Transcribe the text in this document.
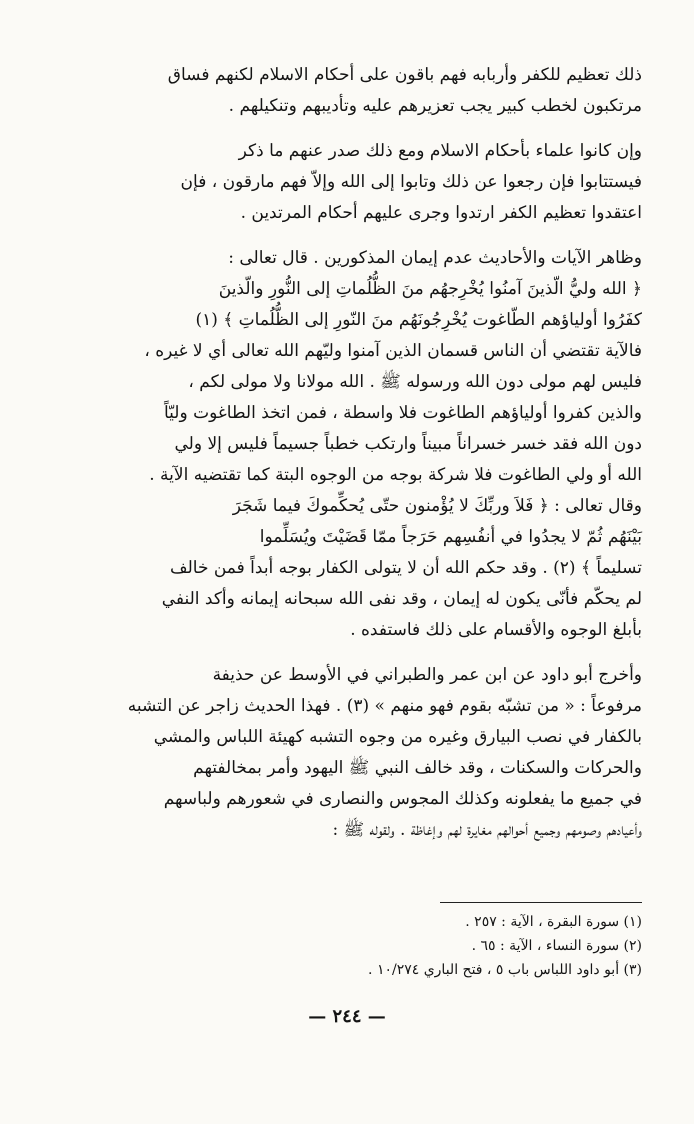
ذلك تعظيم للكفر وأربابه فهم باقون على أحكام الاسلام لكنهم فساق

مرتكبون لخطب كبير يجب تعزيرهم عليه وتأديبهم وتنكيلهم .

وإن كانوا علماء بأحكام الاسلام ومع ذلك صدر عنهم ما ذكر

فيستتابوا فإن رجعوا عن ذلك وتابوا إلى الله وإلاّ فهم مارقون ، فإن

اعتقدوا تعظيم الكفر ارتدوا وجرى عليهم أحكام المرتدين .

وظاهر الآيات والأحاديث عدم إيمان المذكورين . قال تعالى :

﴿ الله وليُّ الّذينَ آمنُوا يُخْرِجهُم منَ الظُّلُماتِ إلى النُّورِ والّذينَ

كفَرُوا أولياؤهم الطّاغوت يُخْرِجُونَهُم منَ النّورِ إلى الظُّلُماتِ ﴾ (١)

فالآية تقتضي أن الناس قسمان الذين آمنوا وليّهم الله تعالى أي لا غيره ،

فليس لهم مولى دون الله ورسوله ﷺ . الله مولانا ولا مولى لكم ،

والذين كفروا أولياؤهم الطاغوت فلا واسطة ، فمن اتخذ الطاغوت وليّاً

دون الله فقد خسر خسراناً مبيناً وارتكب خطباً جسيماً فليس إلا ولي

الله أو ولي الطاغوت فلا شركة بوجه من الوجوه البتة كما تقتضيه الآية .

وقال تعالى : ﴿ فَلاَ وربِّكَ لا يُؤْمنون حتّى يُحكِّموكَ فيما شَجَرَ

بَيْنَهُم ثُمّ لا يجدُوا في أنفُسِهم حَرَجاً ممّا قَضَيْتَ ويُسَلِّموا

تسليماً ﴾ (٢) . وقد حكم الله أن لا يتولى الكفار بوجه أبداً فمن خالف

لم يحكّم فأنّى يكون له إيمان ، وقد نفى الله سبحانه إيمانه وأكد النفي

بأبلغ الوجوه والأقسام على ذلك فاستفده .

وأخرج أبو داود عن ابن عمر والطبراني في الأوسط عن حذيفة

مرفوعاً : « من تشبّه بقوم فهو منهم » (٣) . فهذا الحديث زاجر عن التشبه

بالكفار في نصب البيارق وغيره من وجوه التشبه كهيئة اللباس والمشي

والحركات والسكنات ، وقد خالف النبي ﷺ اليهود وأمر بمخالفتهم

في جميع ما يفعلونه وكذلك المجوس والنصارى في شعورهم ولباسهم

وأعيادهم وصومهم وجميع أحوالهم مغايرة لهم وإغاظة . ولقوله ﷺ :

(١) سورة البقرة ، الآية : ٢٥٧ .

(٢) سورة النساء ، الآية : ٦٥ .

(٣) أبو داود اللباس باب ٥ ، فتح الباري ١٠/٢٧٤ .

— ٢٤٤ —
